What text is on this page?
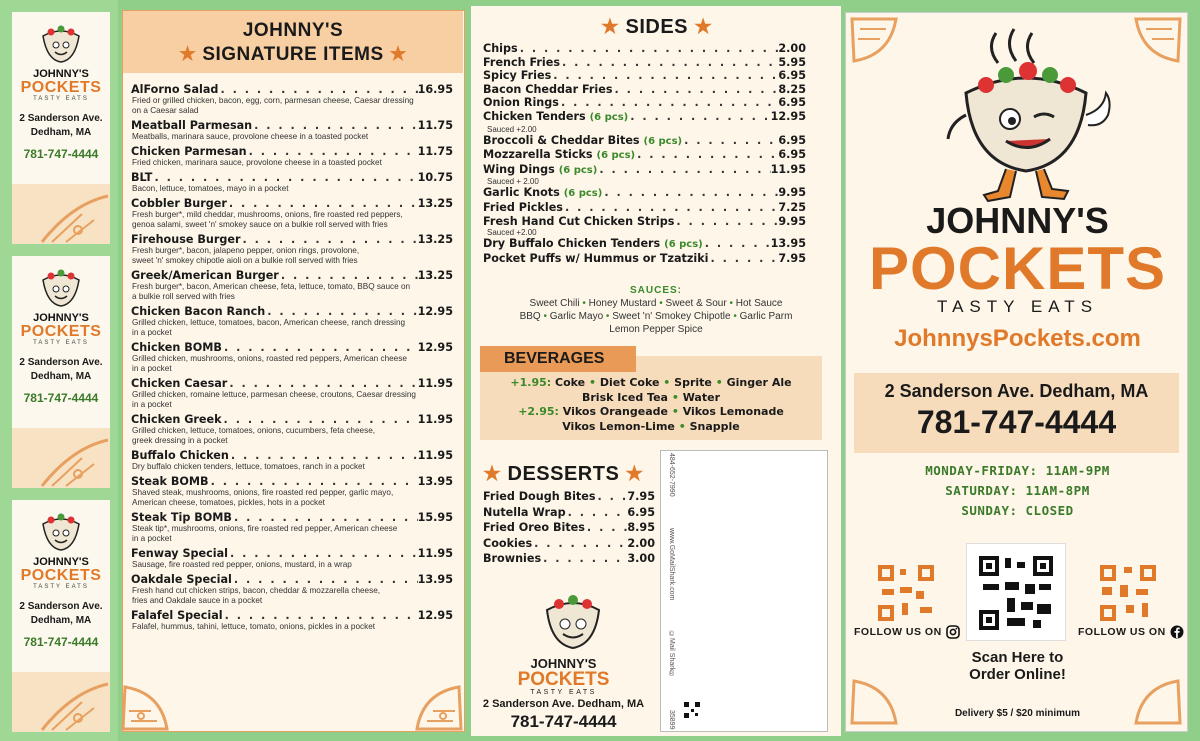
JOHNNY'S
POCKETS
TASTY EATS
2 Sanderson Ave.
Dedham, MA
781-747-4444
JOHNNY'S
POCKETS
TASTY EATS
2 Sanderson Ave.
Dedham, MA
781-747-4444
JOHNNY'S
POCKETS
TASTY EATS
2 Sanderson Ave.
Dedham, MA
781-747-4444
JOHNNY'S
★ SIGNATURE ITEMS ★
AlForno Salad . . .	16.95
Fried or grilled chicken, bacon, egg, corn, parmesan cheese, Caesar dressing
on a Caesar salad
Meatball Parmesan . . .	11.75
Meatballs, marinara sauce, provolone cheese in a toasted pocket
Chicken Parmesan . . .	11.75
Fried chicken, marinara sauce, provolone cheese in a toasted pocket
BLT . . .	10.75
Bacon, lettuce, tomatoes, mayo in a pocket
Cobbler Burger . . .	13.25
Fresh burger*, mild cheddar, mushrooms, onions, fire roasted red peppers,
genoa salami, sweet 'n' smokey sauce on a bulkie roll served with fries
Firehouse Burger . . .	13.25
Fresh burger*, bacon, jalapeno pepper, onion rings, provolone,
sweet 'n' smokey chipotle aioli on a bulkie roll served with fries
Greek/American Burger . . .	13.25
Fresh burger*, bacon, American cheese, feta, lettuce, tomato, BBQ sauce on
a bulkie roll served with fries
Chicken Bacon Ranch . . .	12.95
Grilled chicken, lettuce, tomatoes, bacon, American cheese, ranch dressing
in a pocket
Chicken BOMB . . .	12.95
Grilled chicken, mushrooms, onions, roasted red peppers, American cheese
in a pocket
Chicken Caesar . . .	11.95
Grilled chicken, romaine lettuce, parmesan cheese, croutons, Caesar dressing
in a pocket
Chicken Greek . . .	11.95
Grilled chicken, lettuce, tomatoes, onions, cucumbers, feta cheese,
greek dressing in a pocket
Buffalo Chicken . . .	11.95
Dry buffalo chicken tenders, lettuce, tomatoes, ranch in a pocket
Steak BOMB . . .	13.95
Shaved steak, mushrooms, onions, fire roasted red pepper, garlic mayo,
American cheese, tomatoes, pickles, hots in a pocket
Steak Tip BOMB . . .	15.95
Steak tip*, mushrooms, onions, fire roasted red pepper, American cheese
in a pocket
Fenway Special . . .	11.95
Sausage, fire roasted red pepper, onions, mustard, in a wrap
Oakdale Special . . .	13.95
Fresh hand cut chicken strips, bacon, cheddar & mozzarella cheese,
fries and Oakdale sauce in a pocket
Falafel Special . . .	12.95
Falafel, hummus, tahini, lettuce, tomato, onions, pickles in a pocket
★ SIDES ★
Chips . . .	2.00
French Fries . . .	5.95
Spicy Fries . . .	6.95
Bacon Cheddar Fries . . .	8.25
Onion Rings . . .	6.95
Chicken Tenders (6 pcs) . . .	12.95
Sauced +2.00
Broccoli & Cheddar Bites (6 pcs) . . .	6.95
Mozzarella Sticks (6 pcs) . . .	6.95
Wing Dings (6 pcs) . . .	11.95
Sauced + 2.00
Garlic Knots (6 pcs) . . .	9.95
Fried Pickles . . .	7.25
Fresh Hand Cut Chicken Strips . . .	9.95
Sauced +2.00
Dry Buffalo Chicken Tenders (6 pcs) . . .	13.95
Pocket Puffs w/ Hummus or Tzatziki . . .	7.95
SAUCES:
Sweet Chili • Honey Mustard • Sweet & Sour • Hot Sauce
BBQ • Garlic Mayo • Sweet 'n' Smokey Chipotle • Garlic Parm
Lemon Pepper Spice
BEVERAGES
+1.95: Coke • Diet Coke • Sprite • Ginger Ale
Brisk Iced Tea • Water
+2.95: Vikos Orangeade • Vikos Lemonade
Vikos Lemon-Lime • Snapple
★ DESSERTS ★
Fried Dough Bites . . .	7.95
Nutella Wrap . . .	6.95
Fried Oreo Bites . . .	8.95
Cookies . . .	2.00
Brownies . . .	3.00
JOHNNY'S
POCKETS
TASTY EATS
2 Sanderson Ave. Dedham, MA
781-747-4444
484-652-7990
www.GoMailShark.com
©Mail Shark®
35899
JOHNNY'S
POCKETS
TASTY EATS
JohnnysPockets.com
2 Sanderson Ave. Dedham, MA
781-747-4444
MONDAY-FRIDAY: 11AM-9PM
SATURDAY: 11AM-8PM
SUNDAY: CLOSED
FOLLOW US ON	FOLLOW US ON
Scan Here to
Order Online!
Delivery $5 / $20 minimum
